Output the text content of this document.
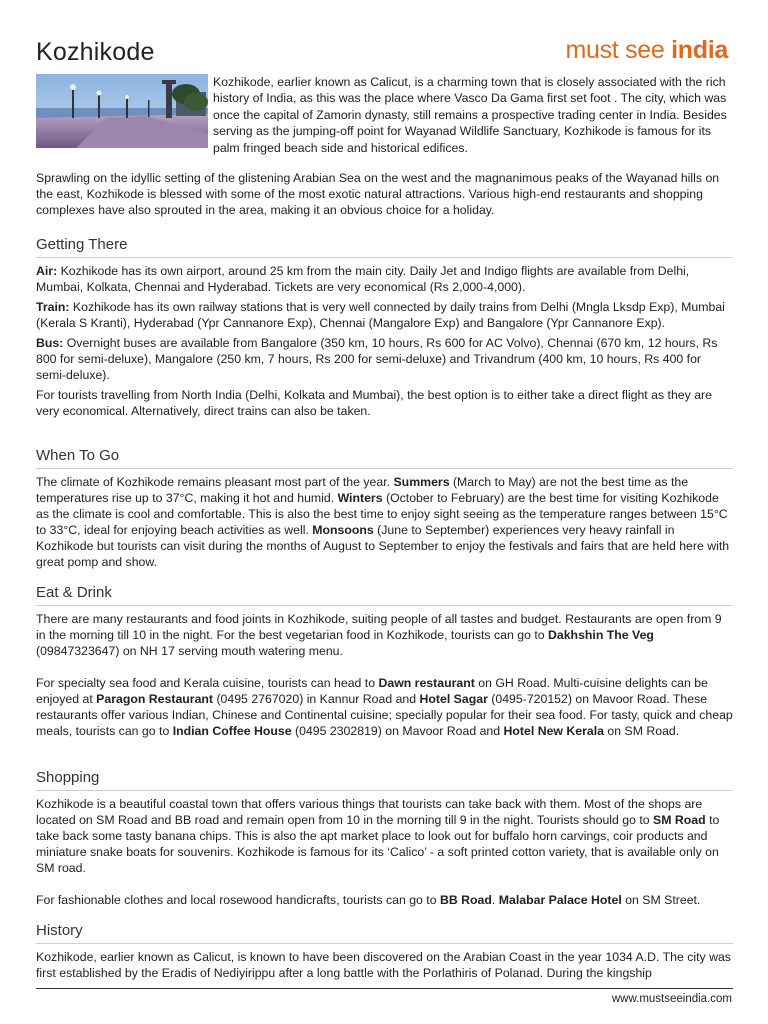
Kozhikode	must see india
Kozhikode, earlier known as Calicut, is a charming town that is closely associated with the rich history of India, as this was the place where Vasco Da Gama first set foot . The city, which was once the capital of Zamorin dynasty, still remains a prospective trading center in India. Besides serving as the jumping-off point for Wayanad Wildlife Sanctuary, Kozhikode is famous for its palm fringed beach side and historical edifices.

Sprawling on the idyllic setting of the glistening Arabian Sea on the west and the magnanimous peaks of the Wayanad hills on the east, Kozhikode is blessed with some of the most exotic natural attractions. Various high-end restaurants and shopping complexes have also sprouted in the area, making it an obvious choice for a holiday.

Getting There

Air: Kozhikode has its own airport, around 25 km from the main city. Daily Jet and Indigo flights are available from Delhi, Mumbai, Kolkata, Chennai and Hyderabad. Tickets are very economical (Rs 2,000-4,000).

Train: Kozhikode has its own railway stations that is very well connected by daily trains from Delhi (Mngla Lksdp Exp), Mumbai (Kerala S Kranti), Hyderabad (Ypr Cannanore Exp), Chennai (Mangalore Exp) and Bangalore (Ypr Cannanore Exp).

Bus: Overnight buses are available from Bangalore (350 km, 10 hours, Rs 600 for AC Volvo), Chennai (670 km, 12 hours, Rs 800 for semi-deluxe), Mangalore (250 km, 7 hours, Rs 200 for semi-deluxe) and Trivandrum (400 km, 10 hours, Rs 400 for semi-deluxe).

For tourists travelling from North India (Delhi, Kolkata and Mumbai), the best option is to either take a direct flight as they are very economical. Alternatively, direct trains can also be taken.

When To Go

The climate of Kozhikode remains pleasant most part of the year. Summers (March to May) are not the best time as the temperatures rise up to 37°C, making it hot and humid. Winters (October to February) are the best time for visiting Kozhikode as the climate is cool and comfortable. This is also the best time to enjoy sight seeing as the temperature ranges between 15°C to 33°C, ideal for enjoying beach activities as well. Monsoons (June to September) experiences very heavy rainfall in Kozhikode but tourists can visit during the months of August to September to enjoy the festivals and fairs that are held here with great pomp and show.

Eat & Drink

There are many restaurants and food joints in Kozhikode, suiting people of all tastes and budget. Restaurants are open from 9 in the morning till 10 in the night. For the best vegetarian food in Kozhikode, tourists can go to Dakhshin The Veg (09847323647) on NH 17 serving mouth watering menu.

For specialty sea food and Kerala cuisine, tourists can head to Dawn restaurant on GH Road. Multi-cuisine delights can be enjoyed at Paragon Restaurant (0495 2767020) in Kannur Road and Hotel Sagar (0495-720152) on Mavoor Road. These restaurants offer various Indian, Chinese and Continental cuisine; specially popular for their sea food. For tasty, quick and cheap meals, tourists can go to Indian Coffee House (0495 2302819) on Mavoor Road and Hotel New Kerala on SM Road.

Shopping

Kozhikode is a beautiful coastal town that offers various things that tourists can take back with them. Most of the shops are located on SM Road and BB road and remain open from 10 in the morning till 9 in the night. Tourists should go to SM Road to take back some tasty banana chips. This is also the apt market place to look out for buffalo horn carvings, coir products and miniature snake boats for souvenirs. Kozhikode is famous for its ‘Calico’ - a soft printed cotton variety, that is available only on SM road.

For fashionable clothes and local rosewood handicrafts, tourists can go to BB Road. Malabar Palace Hotel on SM Street.

History

Kozhikode, earlier known as Calicut, is known to have been discovered on the Arabian Coast in the year 1034 A.D. The city was first established by the Eradis of Nediyirippu after a long battle with the Porlathiris of Polanad. During the kingship

www.mustseeindia.com
